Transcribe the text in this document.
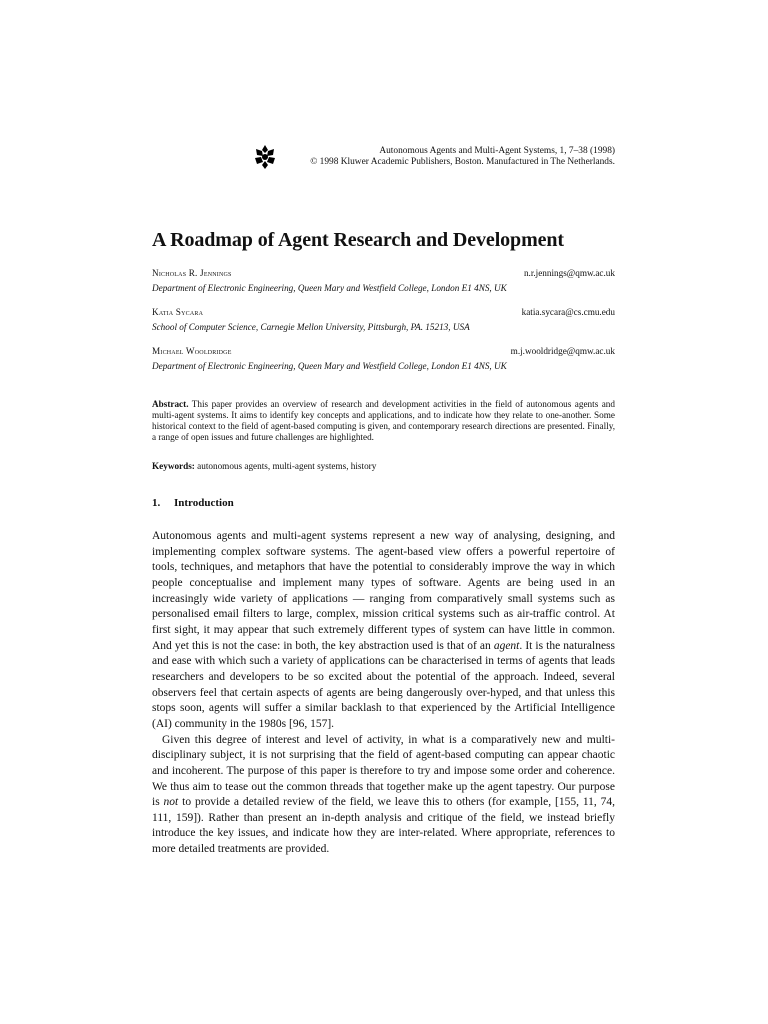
Autonomous Agents and Multi-Agent Systems, 1, 7–38 (1998)
© 1998 Kluwer Academic Publishers, Boston. Manufactured in The Netherlands.
A Roadmap of Agent Research and Development
Nicholas R. Jennings	n.r.jennings@qmw.ac.uk
Department of Electronic Engineering, Queen Mary and Westfield College, London E1 4NS, UK
Katia Sycara	katia.sycara@cs.cmu.edu
School of Computer Science, Carnegie Mellon University, Pittsburgh, PA. 15213, USA
Michael Wooldridge	m.j.wooldridge@qmw.ac.uk
Department of Electronic Engineering, Queen Mary and Westfield College, London E1 4NS, UK

Abstract. This paper provides an overview of research and development activities in the field of autonomous agents and multi-agent systems. It aims to identify key concepts and applications, and to indicate how they relate to one-another. Some historical context to the field of agent-based computing is given, and contemporary research directions are presented. Finally, a range of open issues and future challenges are highlighted.

Keywords: autonomous agents, multi-agent systems, history

1. Introduction

Autonomous agents and multi-agent systems represent a new way of analysing, designing, and implementing complex software systems. The agent-based view offers a powerful repertoire of tools, techniques, and metaphors that have the potential to considerably improve the way in which people conceptualise and implement many types of software. Agents are being used in an increasingly wide variety of applications — ranging from comparatively small systems such as personalised email filters to large, complex, mission critical systems such as air-traffic control. At first sight, it may appear that such extremely different types of system can have little in common. And yet this is not the case: in both, the key abstraction used is that of an agent. It is the naturalness and ease with which such a variety of applications can be characterised in terms of agents that leads researchers and developers to be so excited about the potential of the approach. Indeed, several observers feel that certain aspects of agents are being dangerously over-hyped, and that unless this stops soon, agents will suffer a similar backlash to that experienced by the Artificial Intelligence (AI) community in the 1980s [96, 157].

Given this degree of interest and level of activity, in what is a comparatively new and multi-disciplinary subject, it is not surprising that the field of agent-based computing can appear chaotic and incoherent. The purpose of this paper is therefore to try and impose some order and coherence. We thus aim to tease out the common threads that together make up the agent tapestry. Our purpose is not to provide a detailed review of the field, we leave this to others (for example, [155, 11, 74, 111, 159]). Rather than present an in-depth analysis and critique of the field, we instead briefly introduce the key issues, and indicate how they are inter-related. Where appropriate, references to more detailed treatments are provided.
